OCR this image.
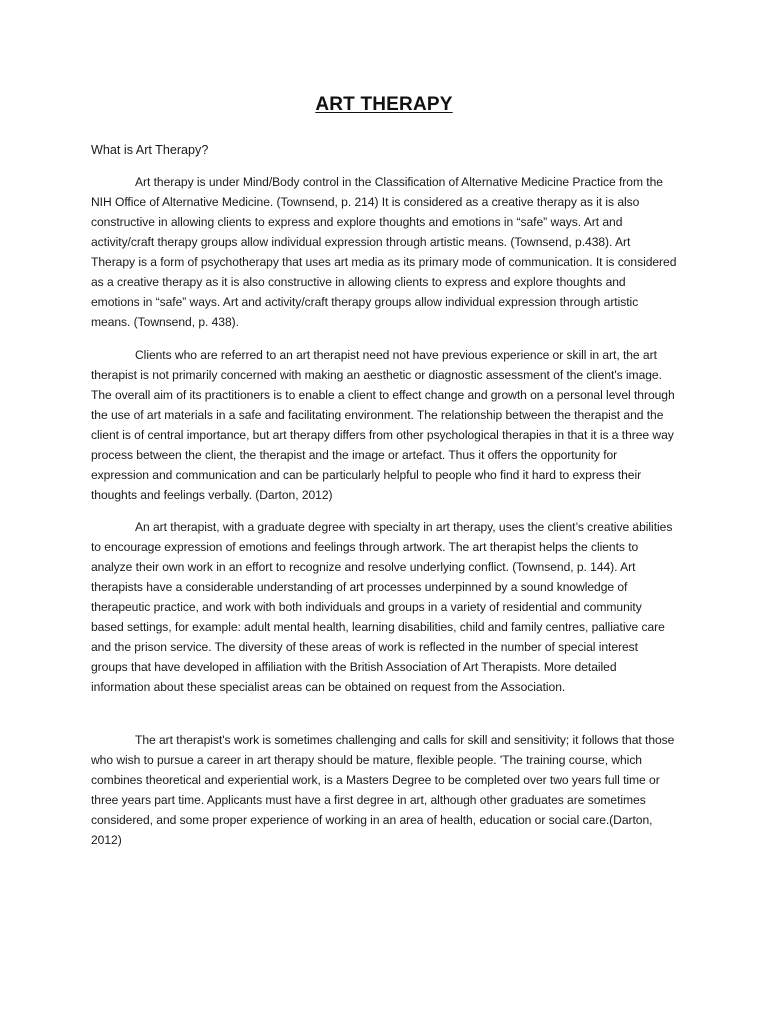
ART THERAPY
What is Art Therapy?

Art therapy is under Mind/Body control in the Classification of Alternative Medicine Practice from the NIH Office of Alternative Medicine. (Townsend, p. 214) It is considered as a creative therapy as it is also constructive in allowing clients to express and explore thoughts and emotions in “safe” ways. Art and activity/craft therapy groups allow individual expression through artistic means. (Townsend, p.438). Art Therapy is a form of psychotherapy that uses art media as its primary mode of communication. It is considered as a creative therapy as it is also constructive in allowing clients to express and explore thoughts and emotions in “safe” ways. Art and activity/craft therapy groups allow individual expression through artistic means. (Townsend, p. 438).

Clients who are referred to an art therapist need not have previous experience or skill in art, the art therapist is not primarily concerned with making an aesthetic or diagnostic assessment of the client's image. The overall aim of its practitioners is to enable a client to effect change and growth on a personal level through the use of art materials in a safe and facilitating environment. The relationship between the therapist and the client is of central importance, but art therapy differs from other psychological therapies in that it is a three way process between the client, the therapist and the image or artefact. Thus it offers the opportunity for expression and communication and can be particularly helpful to people who find it hard to express their thoughts and feelings verbally. (Darton, 2012)

An art therapist, with a graduate degree with specialty in art therapy, uses the client’s creative abilities to encourage expression of emotions and feelings through artwork. The art therapist helps the clients to analyze their own work in an effort to recognize and resolve underlying conflict. (Townsend, p. 144). Art therapists have a considerable understanding of art processes underpinned by a sound knowledge of therapeutic practice, and work with both individuals and groups in a variety of residential and community based settings, for example: adult mental health, learning disabilities, child and family centres, palliative care and the prison service. The diversity of these areas of work is reflected in the number of special interest groups that have developed in affiliation with the British Association of Art Therapists. More detailed information about these specialist areas can be obtained on request from the Association.

The art therapist's work is sometimes challenging and calls for skill and sensitivity; it follows that those who wish to pursue a career in art therapy should be mature, flexible people. 'The training course, which combines theoretical and experiential work, is a Masters Degree to be completed over two years full time or three years part time. Applicants must have a first degree in art, although other graduates are sometimes considered, and some proper experience of working in an area of health, education or social care.(Darton, 2012)
